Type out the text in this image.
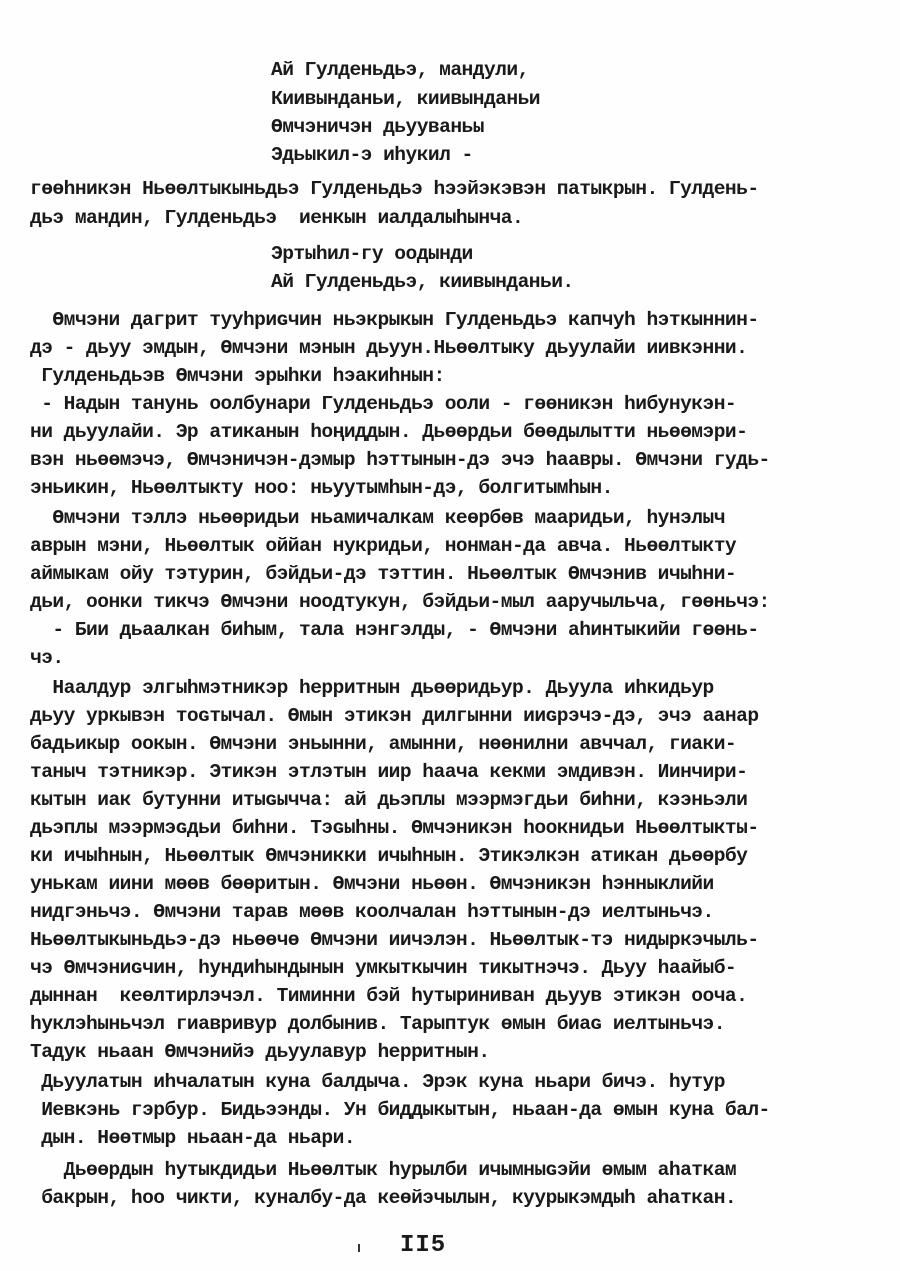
Ай Гулденьдьэ, мандули,
Киивынданьи, киивынданьи
Өмчэничэн дьууваньы
Эдьыкил-э иһукил -
гөөһникэн Ньөөлтыкыньдьэ Гулденьдьэ һээйэкэвэн патыкрын. Гулдень-
дьэ мандин, Гулденьдьэ  иенкын иалдалыһынча.
Эртыһил-гу оодынди
Ай Гулденьдьэ, киивынданьи.
Өмчэни дагрит тууһриԍчин ньэкрыкын Гулденьдьэ капчуһ һэткыннин-
дэ - дьуу эмдын, Өмчэни мэнын дьуун.Ньөөлтыку дьуулайи иивкэнни.
Гулденьдьэв Өмчэни эрыһки һэакиһнын:
- Надын танунь оолбунари Гулденьдьэ ооли - гөөникэн һибунукэн-
ни дьуулайи. Эр атиканын һоңиддын. Дьөөрдьи бөөдылытти ньөөмэри-
вэн ньөөмэчэ, Өмчэничэн-дэмыр һэттынын-дэ эчэ һаавры. Өмчэни гудь-
эньикин, Ньөөлтыкту ноо: ньуутымһын-дэ, болгитымһын.
Өмчэни тэллэ ньөөридьи ньамичалкам кеөрбөв мааридьи, һунэлыч
аврын мэни, Ньөөлтык оййан нукридьи, нонман-да авча. Ньөөлтыкту
аймыкам ойу тэтурин, бэйдьи-дэ тэттин. Ньөөлтык Өмчэнив ичыһни-
дьи, оонки тикчэ Өмчэни ноодтукун, бэйдьи-мыл ааручыльча, гөөньчэ:
- Бии дьаалкан биһым, тала нэнгэлды, - Өмчэни аһинтыкийи гөөнь-
чэ.
Наалдур элгыһмэтникэр һерритнын дьөөридьур. Дьуула иһкидьур
дьуу уркывэн тоԍтычал. Өмын этикэн дилгынни ииԍрэчэ-дэ, эчэ аанар
бадьикыр оокын. Өмчэни эньынни, амынни, нөөнилни авччал, гиаки-
таныч тэтникэр. Этикэн этлэтын иир һаача кекми эмдивэн. Иинчири-
кытын иак бутунни итыԍычча: ай дьэплы мээрмэгдьи биһни, кээньэли
дьэплы мээрмэԍдьи биһни. Тэԍыһны. Өмчэникэн һоокнидьи Ньөөлтыкты-
ки ичыһнын, Ньөөлтык Өмчэникки ичыһнын. Этикэлкэн атикан дьөөрбу
унькам иини мөөв бөөритын. Өмчэни ньөөн. Өмчэникэн һэнныклийи
нидгэньчэ. Өмчэни тарав мөөв коолчалан һэттынын-дэ иелтыньчэ.
Ньөөлтыкыньдьэ-дэ ньөөчө Өмчэни иичэлэн. Ньөөлтык-тэ нидыркэчыль-
чэ Өмчэниԍчин, һундиһындынын умкыткычин тикытнэчэ. Дьуу һаайыб-
дыннан  кеөлтирлэчэл. Тиминни бэй һутыриниван дьуув этикэн ооча.
һуклэһыньчэл гиавривур долбынив. Тарыптук өмын биаԍ иелтыньчэ.
Тадук ньаан Өмчэнийэ дьуулавур һерритнын.
Дьуулатын иһчалатын куна балдыча. Эрэк куна ньари бичэ. һутур
Иевкэнь гэрбур. Бидьээнды. Ун биддыкытын, ньаан-да өмын куна бал-
дын. Нөөтмыр ньаан-да ньари.
Дьөөрдын һутыкдидьи Ньөөлтык һурылби ичымныԍэйи өмым аһаткам
бакрын, һоо чикти, куналбу-да кеөйэчылын, куурыкэмдыһ аһаткан.
II5
